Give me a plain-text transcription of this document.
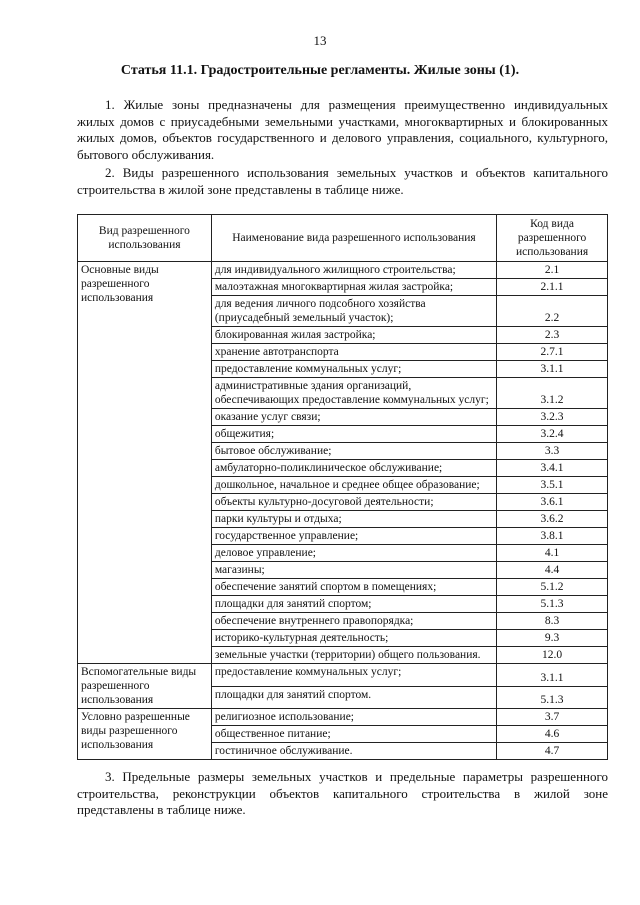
13
Статья 11.1. Градостроительные регламенты. Жилые зоны (1).

1. Жилые зоны предназначены для размещения преимущественно индивидуальных жилых домов с приусадебными земельными участками, многоквартирных и блокированных жилых домов, объектов государственного и делового управления, социального, культурного, бытового обслуживания.

2. Виды разрешенного использования земельных участков и объектов капитального строительства в жилой зоне представлены в таблице ниже.

Вид разрешенного использования	Наименование вида разрешенного использования	Код вида разрешенного использования
Основные виды разрешенного использования	для индивидуального жилищного строительства;	2.1
	малоэтажная многоквартирная жилая застройка;	2.1.1
	для ведения личного подсобного хозяйства (приусадебный земельный участок);	2.2
	блокированная жилая застройка;	2.3
	хранение автотранспорта	2.7.1
	предоставление коммунальных услуг;	3.1.1
	административные здания организаций, обеспечивающих предоставление коммунальных услуг;	3.1.2
	оказание услуг связи;	3.2.3
	общежития;	3.2.4
	бытовое обслуживание;	3.3
	амбулаторно-поликлиническое обслуживание;	3.4.1
	дошкольное, начальное и среднее общее образование;	3.5.1
	объекты культурно-досуговой деятельности;	3.6.1
	парки культуры и отдыха;	3.6.2
	государственное управление;	3.8.1
	деловое управление;	4.1
	магазины;	4.4
	обеспечение занятий спортом в помещениях;	5.1.2
	площадки для занятий спортом;	5.1.3
	обеспечение внутреннего правопорядка;	8.3
	историко-культурная деятельность;	9.3
	земельные участки (территории) общего пользования.	12.0
Вспомогательные виды разрешенного использования	предоставление коммунальных услуг;	3.1.1
	площадки для занятий спортом.	5.1.3
Условно разрешенные виды разрешенного использования	религиозное использование;	3.7
	общественное питание;	4.6
	гостиничное обслуживание.	4.7

3. Предельные размеры земельных участков и предельные параметры разрешенного строительства, реконструкции объектов капитального строительства в жилой зоне представлены в таблице ниже.
